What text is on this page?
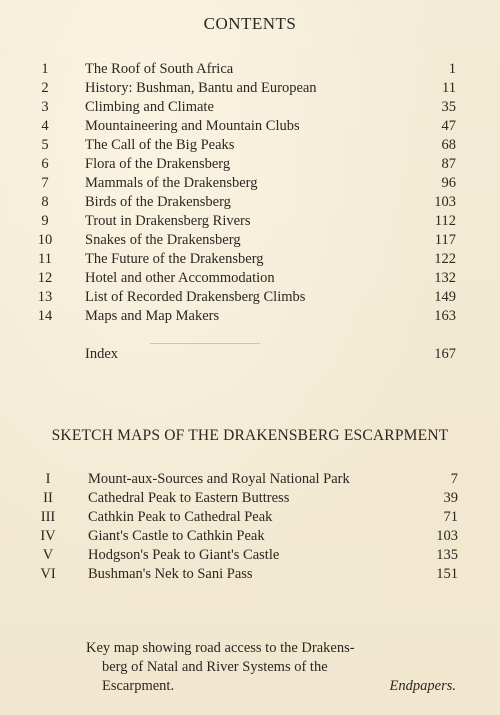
CONTENTS
1	The Roof of South Africa	1
2	History: Bushman, Bantu and European	11
3	Climbing and Climate	35
4	Mountaineering and Mountain Clubs	47
5	The Call of the Big Peaks	68
6	Flora of the Drakensberg	87
7	Mammals of the Drakensberg	96
8	Birds of the Drakensberg	103
9	Trout in Drakensberg Rivers	112
10	Snakes of the Drakensberg	117
11	The Future of the Drakensberg	122
12	Hotel and other Accommodation	132
13	List of Recorded Drakensberg Climbs	149
14	Maps and Map Makers	163
Index	167
SKETCH MAPS OF THE DRAKENSBERG ESCARPMENT
I	Mount-aux-Sources and Royal National Park	7
II	Cathedral Peak to Eastern Buttress	39
III	Cathkin Peak to Cathedral Peak	71
IV	Giant's Castle to Cathkin Peak	103
V	Hodgson's Peak to Giant's Castle	135
VI	Bushman's Nek to Sani Pass	151
Key map showing road access to the Drakens-
berg of Natal and River Systems of the
Escarpment.	Endpapers.
